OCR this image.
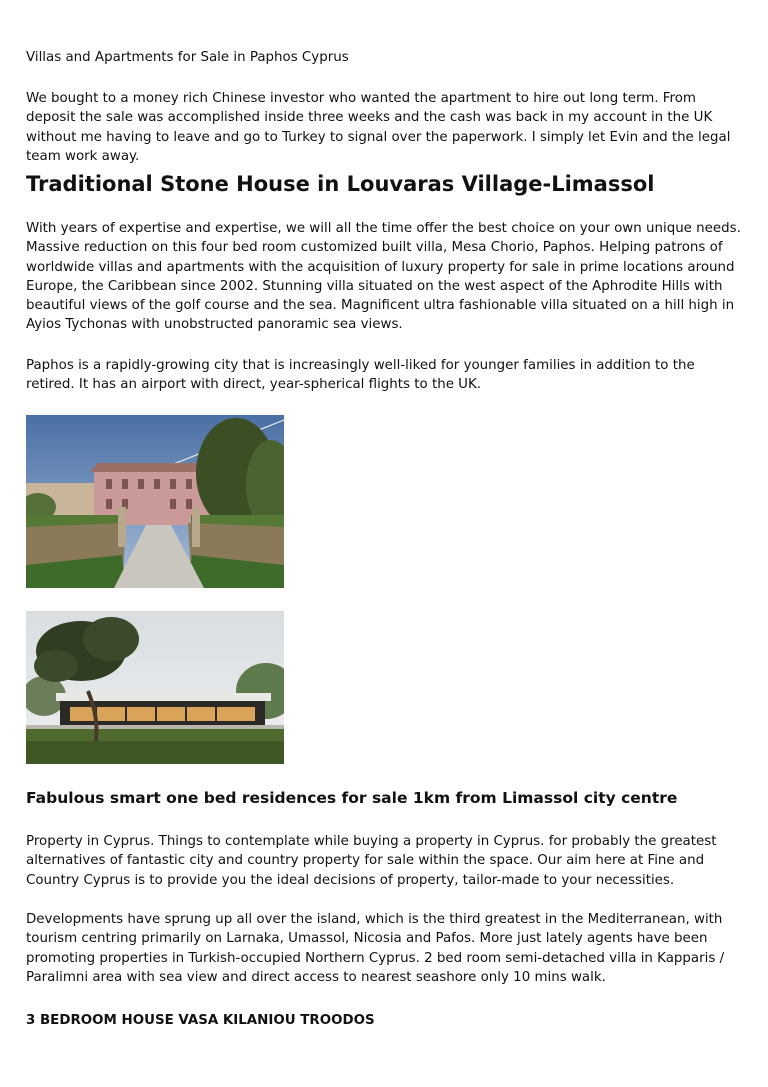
Villas and Apartments for Sale in Paphos Cyprus

We bought to a money rich Chinese investor who wanted the apartment to hire out long term. From deposit the sale was accomplished inside three weeks and the cash was back in my account in the UK without me having to leave and go to Turkey to signal over the paperwork. I simply let Evin and the legal team work away.

Traditional Stone House in Louvaras Village-Limassol

With years of expertise and expertise, we will all the time offer the best choice on your own unique needs. Massive reduction on this four bed room customized built villa, Mesa Chorio, Paphos. Helping patrons of worldwide villas and apartments with the acquisition of luxury property for sale in prime locations around Europe, the Caribbean since 2002. Stunning villa situated on the west aspect of the Aphrodite Hills with beautiful views of the golf course and the sea. Magnificent ultra fashionable villa situated on a hill high in Ayios Tychonas with unobstructed panoramic sea views.

Paphos is a rapidly-growing city that is increasingly well-liked for younger families in addition to the retired. It has an airport with direct, year-spherical flights to the UK.

Fabulous smart one bed residences for sale 1km from Limassol city centre

Property in Cyprus. Things to contemplate while buying a property in Cyprus. for probably the greatest alternatives of fantastic city and country property for sale within the space. Our aim here at Fine and Country Cyprus is to provide you the ideal decisions of property, tailor-made to your necessities.

Developments have sprung up all over the island, which is the third greatest in the Mediterranean, with tourism centring primarily on Larnaka, Umassol, Nicosia and Pafos. More just lately agents have been promoting properties in Turkish-occupied Northern Cyprus. 2 bed room semi-detached villa in Kapparis / Paralimni area with sea view and direct access to nearest seashore only 10 mins walk.

3 BEDROOM HOUSE VASA KILANIOU TROODOS
